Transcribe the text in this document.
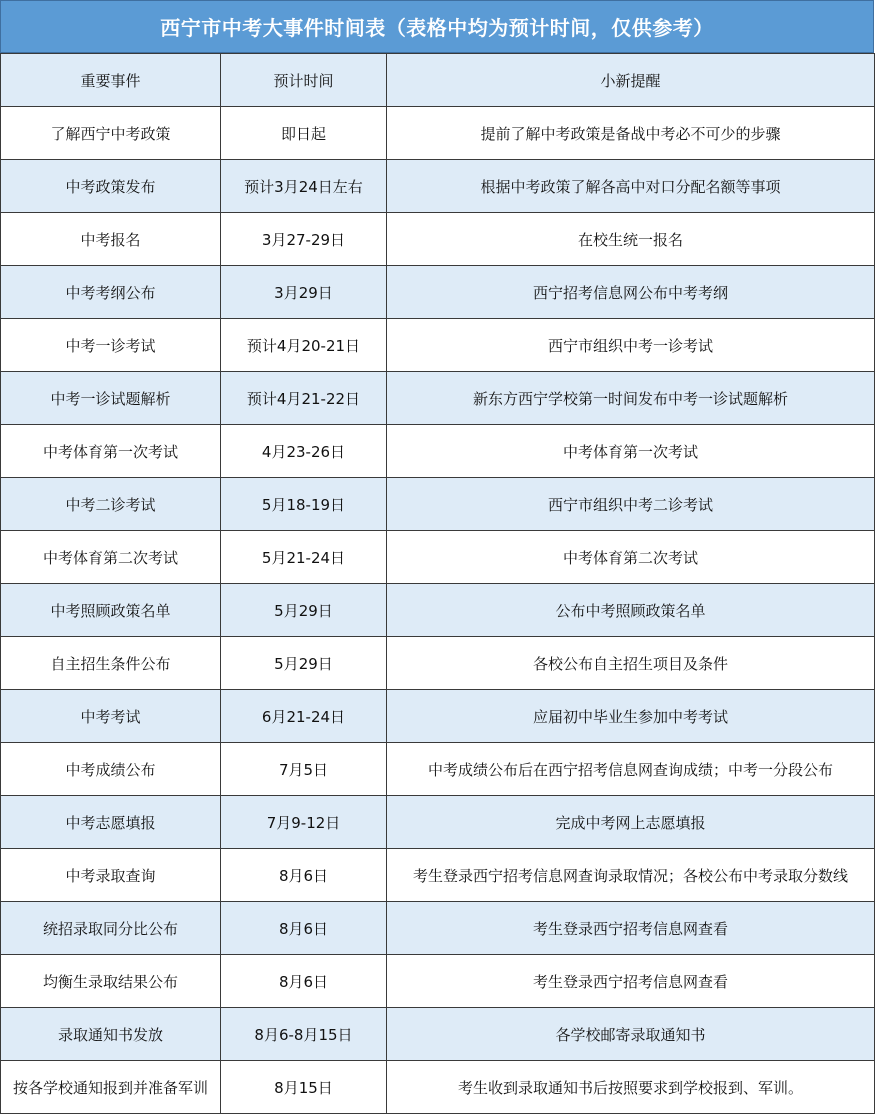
西宁市中考大事件时间表（表格中均为预计时间，仅供参考）
重要事件	预计时间	小新提醒
了解西宁中考政策	即日起	提前了解中考政策是备战中考必不可少的步骤
中考政策发布	预计3月24日左右	根据中考政策了解各高中对口分配名额等事项
中考报名	3月27-29日	在校生统一报名
中考考纲公布	3月29日	西宁招考信息网公布中考考纲
中考一诊考试	预计4月20-21日	西宁市组织中考一诊考试
中考一诊试题解析	预计4月21-22日	新东方西宁学校第一时间发布中考一诊试题解析
中考体育第一次考试	4月23-26日	中考体育第一次考试
中考二诊考试	5月18-19日	西宁市组织中考二诊考试
中考体育第二次考试	5月21-24日	中考体育第二次考试
中考照顾政策名单	5月29日	公布中考照顾政策名单
自主招生条件公布	5月29日	各校公布自主招生项目及条件
中考考试	6月21-24日	应届初中毕业生参加中考考试
中考成绩公布	7月5日	中考成绩公布后在西宁招考信息网查询成绩；中考一分段公布
中考志愿填报	7月9-12日	完成中考网上志愿填报
中考录取查询	8月6日	考生登录西宁招考信息网查询录取情况；各校公布中考录取分数线
统招录取同分比公布	8月6日	考生登录西宁招考信息网查看
均衡生录取结果公布	8月6日	考生登录西宁招考信息网查看
录取通知书发放	8月6-8月15日	各学校邮寄录取通知书
按各学校通知报到并准备军训	8月15日	考生收到录取通知书后按照要求到学校报到、军训。
